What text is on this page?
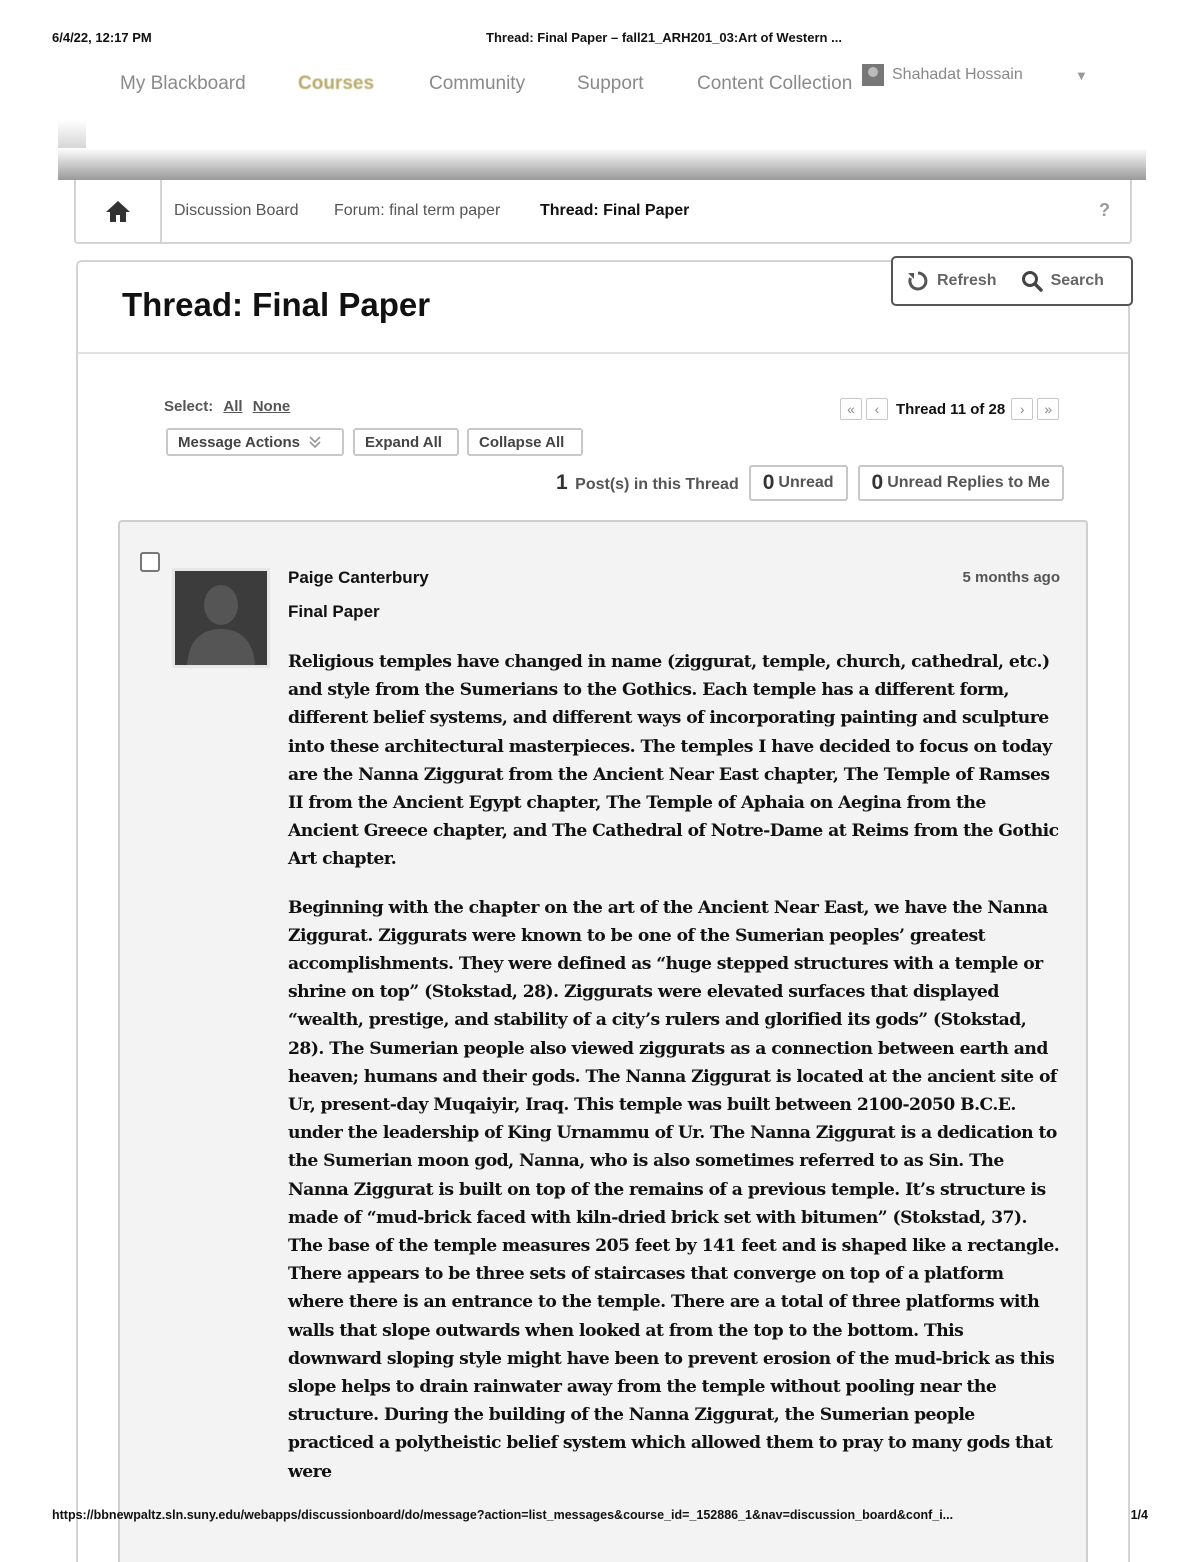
6/4/22, 12:17 PM	Thread: Final Paper – fall21_ARH201_03:Art of Western ...
My Blackboard	Courses	Community	Support	Content Collection Shahadat Hossain	▼
Discussion Board Forum: final term paper Thread: Final Paper	?
Thread: Final Paper
Refresh	Search
Select: All None
Message Actions	Expand All	Collapse All
«	‹	Thread 11 of 28	›	»
1 Post(s) in this Thread 0 Unread 0 Unread Replies to Me
Paige Canterbury
Final Paper
5 months ago

Religious temples have changed in name (ziggurat, temple, church, cathedral, etc.) and style from the Sumerians to the Gothics. Each temple has a different form, different belief systems, and different ways of incorporating painting and sculpture into these architectural masterpieces. The temples I have decided to focus on today are the Nanna Ziggurat from the Ancient Near East chapter, The Temple of Ramses II from the Ancient Egypt chapter, The Temple of Aphaia on Aegina from the Ancient Greece chapter, and The Cathedral of Notre-Dame at Reims from the Gothic Art chapter.

Beginning with the chapter on the art of the Ancient Near East, we have the Nanna Ziggurat. Ziggurats were known to be one of the Sumerian peoples’ greatest accomplishments. They were defined as “huge stepped structures with a temple or shrine on top” (Stokstad, 28). Ziggurats were elevated surfaces that displayed “wealth, prestige, and stability of a city’s rulers and glorified its gods” (Stokstad, 28). The Sumerian people also viewed ziggurats as a connection between earth and heaven; humans and their gods. The Nanna Ziggurat is located at the ancient site of Ur, present-day Muqaiyir, Iraq. This temple was built between 2100-2050 B.C.E. under the leadership of King Urnammu of Ur. The Nanna Ziggurat is a dedication to the Sumerian moon god, Nanna, who is also sometimes referred to as Sin. The Nanna Ziggurat is built on top of the remains of a previous temple. It’s structure is made of “mud-brick faced with kiln-dried brick set with bitumen” (Stokstad, 37). The base of the temple measures 205 feet by 141 feet and is shaped like a rectangle. There appears to be three sets of staircases that converge on top of a platform where there is an entrance to the temple. There are a total of three platforms with walls that slope outwards when looked at from the top to the bottom. This downward sloping style might have been to prevent erosion of the mud-brick as this slope helps to drain rainwater away from the temple without pooling near the structure. During the building of the Nanna Ziggurat, the Sumerian people practiced a polytheistic belief system which allowed them to pray to many gods that were

https://bbnewpaltz.sln.suny.edu/webapps/discussionboard/do/message?action=list_messages&course_id=_152886_1&nav=discussion_board&conf_i...	1/4
